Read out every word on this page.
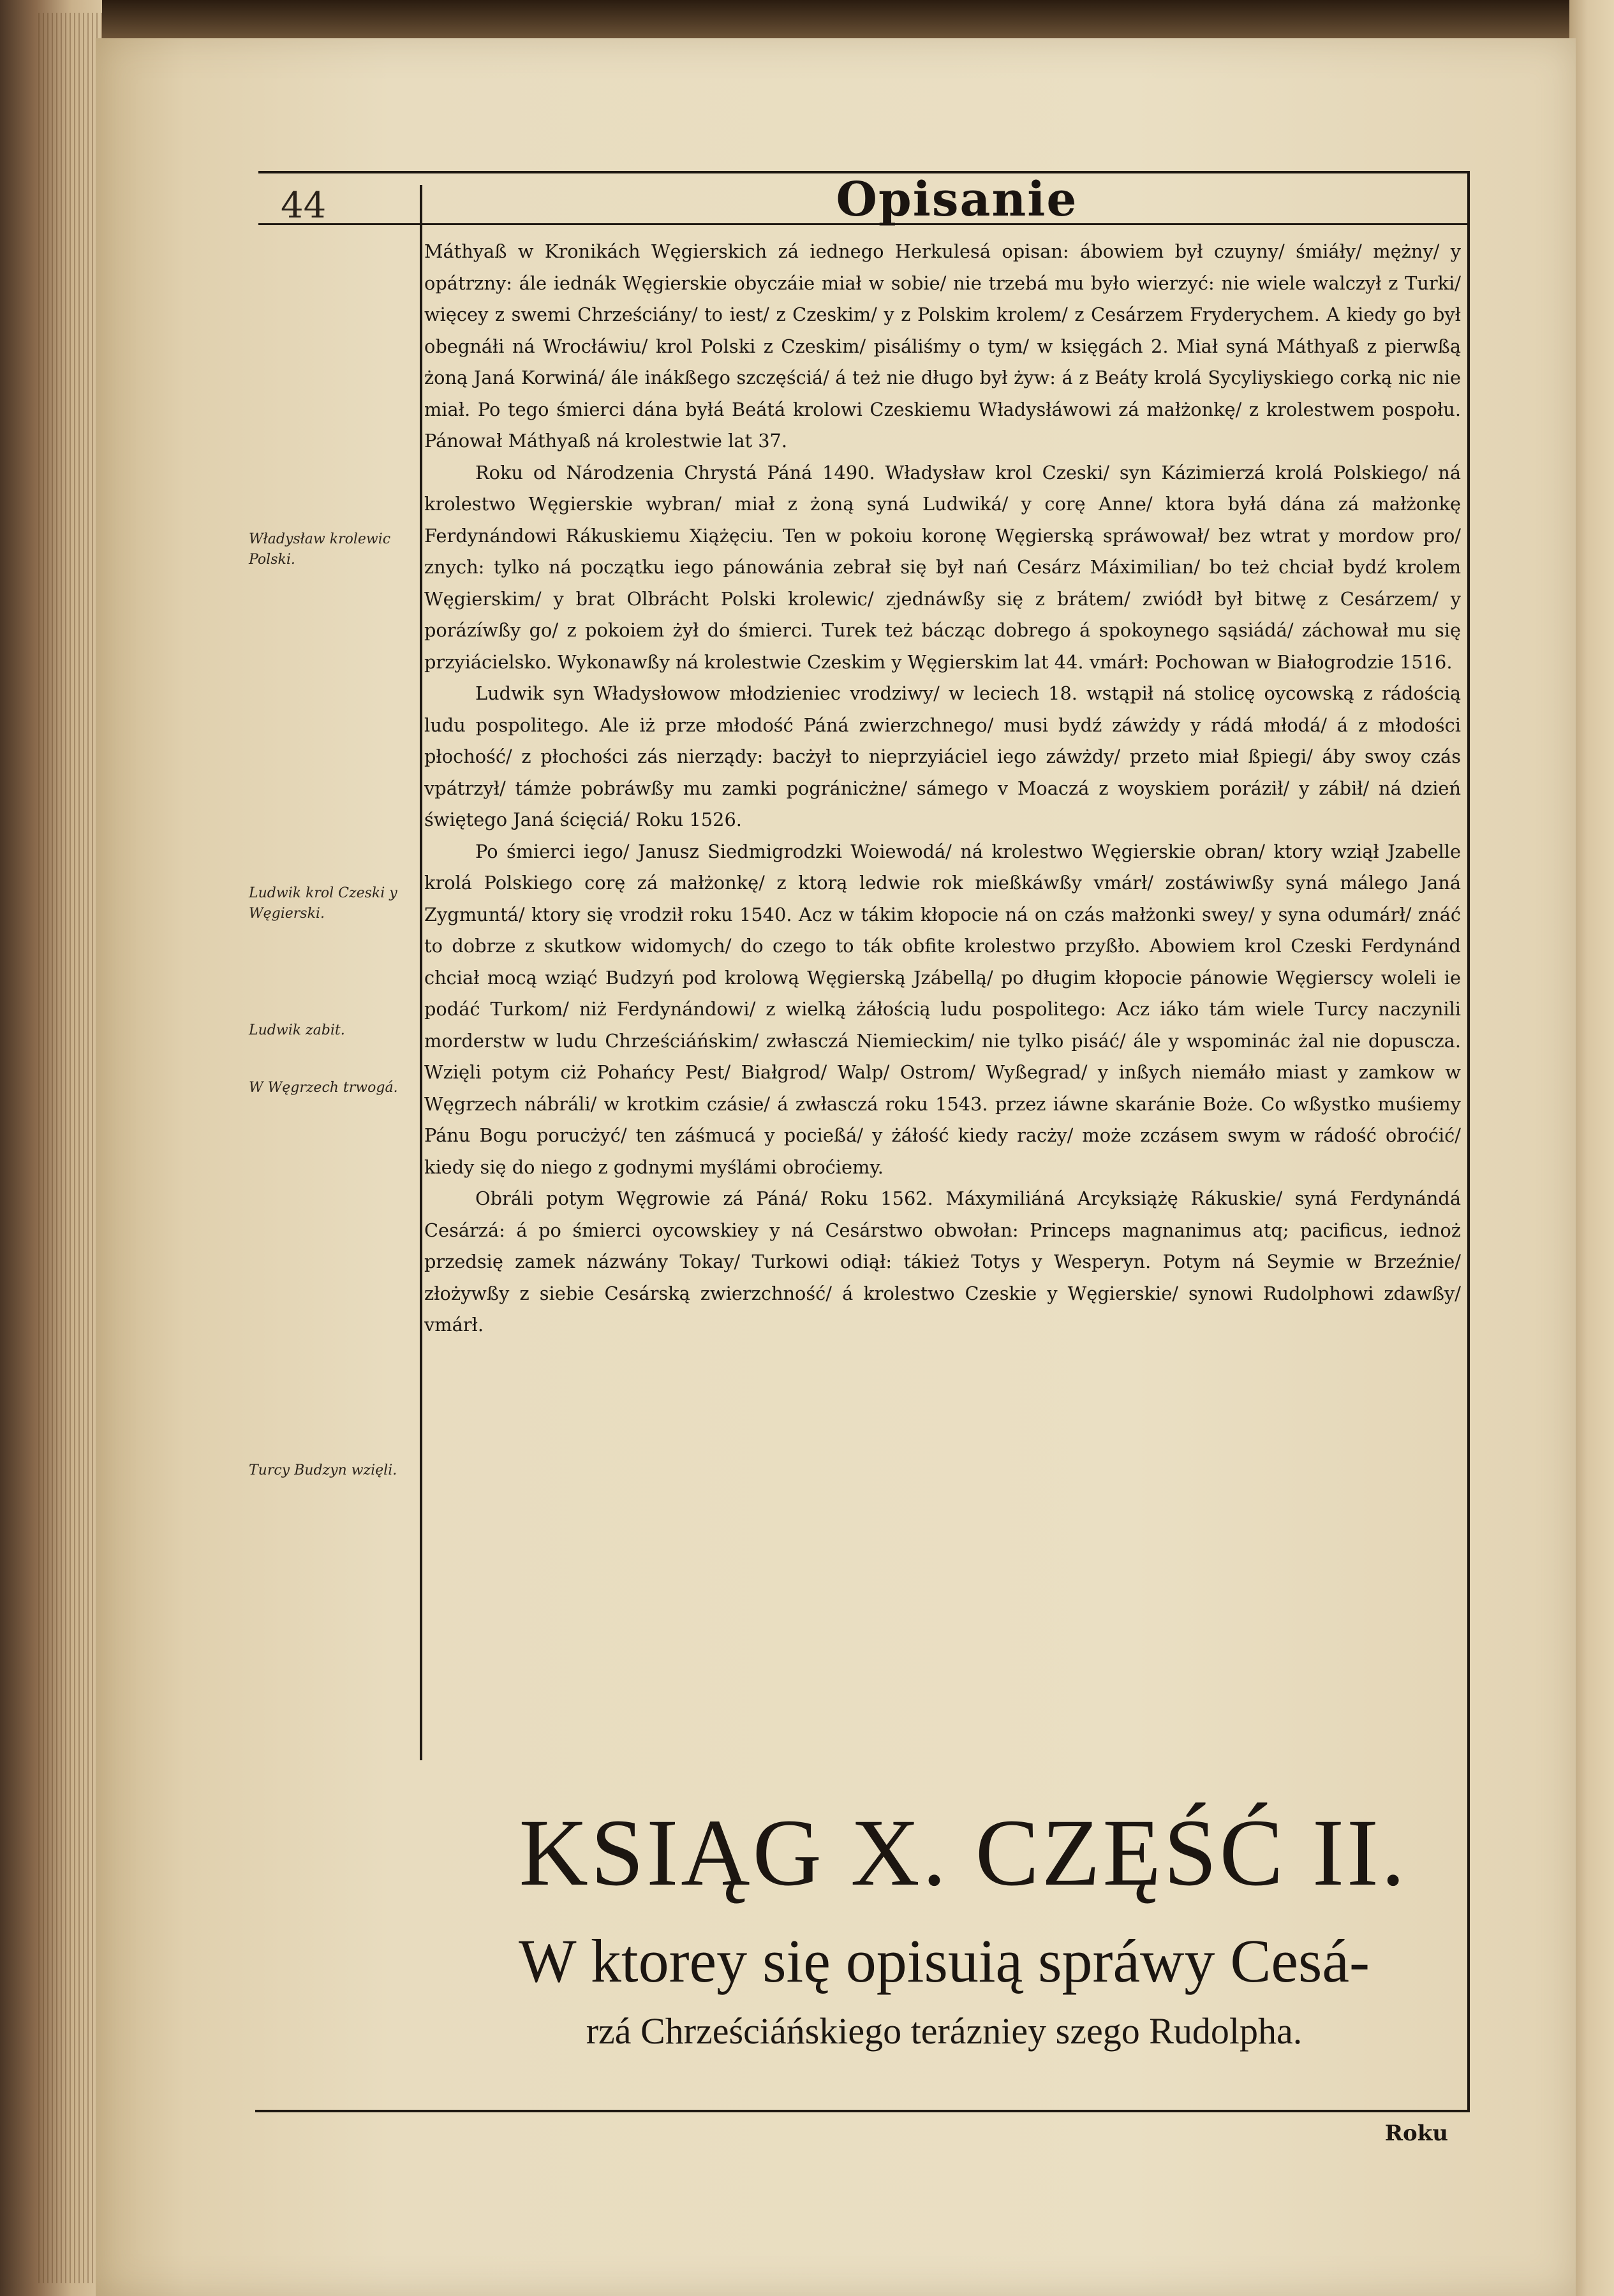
44	Opisanie
Władysław krolewic Polski.
Ludwik krol Czeski y Węgierski.
Ludwik zabit.
W Węgrzech trwogá.
Turcy Budzyn wzięli.

Máthyaß w Kronikách Węgierskich zá iednego Herkulesá opisan: ábowiem był czuyny/ śmiáły/ mężny/ y opátrzny: ále iednák Węgierskie obyczáie miał w sobie/ nie trzebá mu było wierzyć: nie wiele walczył z Turki/ więcey z swemi Chrześciány/ to iest/ z Czeskim/ y z Polskim krolem/ z Cesárzem Fryderychem. A kiedy go był obegnáłi ná Wrocłáwiu/ krol Polski z Czeskim/ pisáliśmy o tym/ w księgách 2. Miał syná Máthyaß z pierwßą żoną Janá Korwiná/ ále inákßego szczęściá/ á też nie długo był żyw: á z Beáty krolá Sycyliyskiego corką nic nie miał. Po tego śmierci dána byłá Beátá krolowi Czeskiemu Władysłáwowi zá małżonkę/ z krolestwem pospołu. Pánował Máthyaß ná krolestwie lat 37.

Roku od Národzenia Chrystá Páná 1490. Władysław krol Czeski/ syn Kázimierzá krolá Polskiego/ ná krolestwo Węgierskie wybran/ miał z żoną syná Ludwiká/ y corę Anne/ ktora byłá dána zá małżonkę Ferdynándowi Rákuskiemu Xiążęciu. Ten w pokoiu koronę Węgierską spráwował/ bez wtrat y mordow pro/ znych: tylko ná początku iego pánowánia zebrał się był nań Cesárz Máximilian/ bo też chciał bydź krolem Węgierskim/ y brat Olbrácht Polski krolewic/ zjednáwßy się z brátem/ zwiódł był bitwę z Cesárzem/ y porázíwßy go/ z pokoiem żył do śmierci. Turek też bácząc dobrego á spokoynego sąsiádá/ záchował mu się przyiácielsko. Wykonawßy ná krolestwie Czeskim y Węgierskim lat 44. vmárł: Pochowan w Białogrodzie 1516.

Ludwik syn Władysłowow młodzieniec vrodziwy/ w leciech 18. wstąpił ná stolicę oycowską z rádością ludu pospolitego. Ale iż prze młodość Páná zwierzchnego/ musi bydź záwżdy y rádá młodá/ á z młodości płochość/ z płochości zás nierządy: bacżył to nieprzyiáciel iego záwżdy/ przeto miał ßpiegi/ áby swoy czás vpátrzył/ támże pobráwßy mu zamki pogránicżne/ sámego v Moaczá z woyskiem poráził/ y zábił/ ná dzień świętego Janá ścięciá/ Roku 1526.

Po śmierci iego/ Janusz Siedmigrodzki Woiewodá/ ná krolestwo Węgierskie obran/ ktory wziął Jzabelle krolá Polskiego corę zá małżonkę/ z ktorą ledwie rok mießkáwßy vmárł/ zostáwiwßy syná málego Janá Zygmuntá/ ktory się vrodził roku 1540. Acz w tákim kłopocie ná on czás małżonki swey/ y syna odumárł/ znáć to dobrze z skutkow widomych/ do czego to ták obfite krolestwo przyßło. Abowiem krol Czeski Ferdynánd chciał mocą wziąć Budzyń pod krolową Węgierską Jzábellą/ po długim kłopocie pánowie Węgierscy woleli ie podáć Turkom/ niż Ferdynándowi/ z wielką żáłością ludu pospolitego: Acz iáko tám wiele Turcy naczynili morderstw w ludu Chrześciáńskim/ zwłasczá Niemieckim/ nie tylko pisáć/ ále y wspominác żal nie dopuscza. Wzięli potym ciż Pohańcy Pest/ Białgrod/ Walp/ Ostrom/ Wyßegrad/ y inßych niemáło miast y zamkow w Węgrzech nábráli/ w krotkim czásie/ á zwłasczá roku 1543. przez iáwne skaránie Boże. Co wßystko muśiemy Pánu Bogu porucżyć/ ten záśmucá y pocießá/ y żáłość kiedy racży/ może zczásem swym w rádość obroćić/ kiedy się do niego z godnymi myślámi obroćiemy.

Obráli potym Węgrowie zá Páná/ Roku 1562. Máxymiliáná Arcyksiążę Rákuskie/ syná Ferdynándá Cesárzá: á po śmierci oycowskiey y ná Cesárstwo obwołan: Princeps magnanimus atq; pacificus, iednoż przedsię zamek názwány Tokay/ Turkowi odiął: tákież Totys y Wesperyn. Potym ná Seymie w Brzeźnie/ złożywßy z siebie Cesárską zwierzchność/ á krolestwo Czeskie y Węgierskie/ synowi Rudolphowi zdawßy/ vmárł.

KSIĄG X. CZĘŚĆ II.
W ktorey się opisuią spráwy Cesá-
rzá Chrześciáńskiego terázniey szego Rudolpha.
Roku
